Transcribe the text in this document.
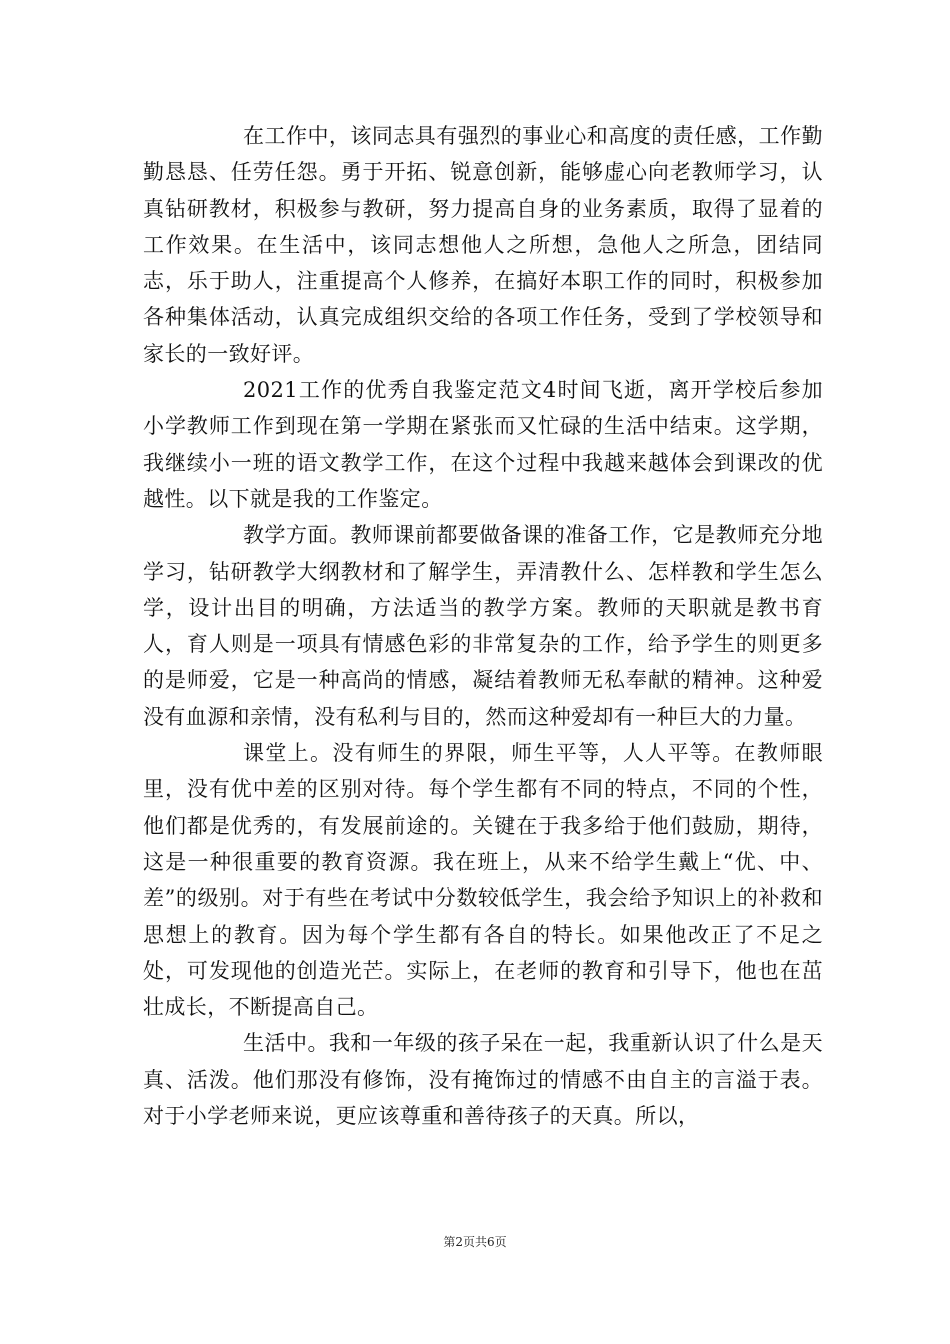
在工作中，该同志具有强烈的事业心和高度的责任感，工作勤勤恳恳、任劳任怨。勇于开拓、锐意创新，能够虚心向老教师学习，认真钻研教材，积极参与教研，努力提高自身的业务素质，取得了显着的工作效果。在生活中，该同志想他人之所想，急他人之所急，团结同志，乐于助人，注重提高个人修养，在搞好本职工作的同时，积极参加各种集体活动，认真完成组织交给的各项工作任务，受到了学校领导和家长的一致好评。

2021工作的优秀自我鉴定范文4时间飞逝，离开学校后参加小学教师工作到现在第一学期在紧张而又忙碌的生活中结束。这学期，我继续小一班的语文教学工作，在这个过程中我越来越体会到课改的优越性。以下就是我的工作鉴定。

教学方面。教师课前都要做备课的准备工作，它是教师充分地学习，钻研教学大纲教材和了解学生，弄清教什么、怎样教和学生怎么学，设计出目的明确，方法适当的教学方案。教师的天职就是教书育人，育人则是一项具有情感色彩的非常复杂的工作，给予学生的则更多的是师爱，它是一种高尚的情感，凝结着教师无私奉献的精神。这种爱没有血源和亲情，没有私利与目的，然而这种爱却有一种巨大的力量。

课堂上。没有师生的界限，师生平等，人人平等。在教师眼里，没有优中差的区别对待。每个学生都有不同的特点，不同的个性，他们都是优秀的，有发展前途的。关键在于我多给于他们鼓励，期待，这是一种很重要的教育资源。我在班上，从来不给学生戴上“优、中、差”的级别。对于有些在考试中分数较低学生，我会给予知识上的补救和思想上的教育。因为每个学生都有各自的特长。如果他改正了不足之处，可发现他的创造光芒。实际上，在老师的教育和引导下，他也在茁壮成长，不断提高自己。

生活中。我和一年级的孩子呆在一起，我重新认识了什么是天真、活泼。他们那没有修饰，没有掩饰过的情感不由自主的言溢于表。对于小学老师来说，更应该尊重和善待孩子的天真。所以，

第2页共6页
